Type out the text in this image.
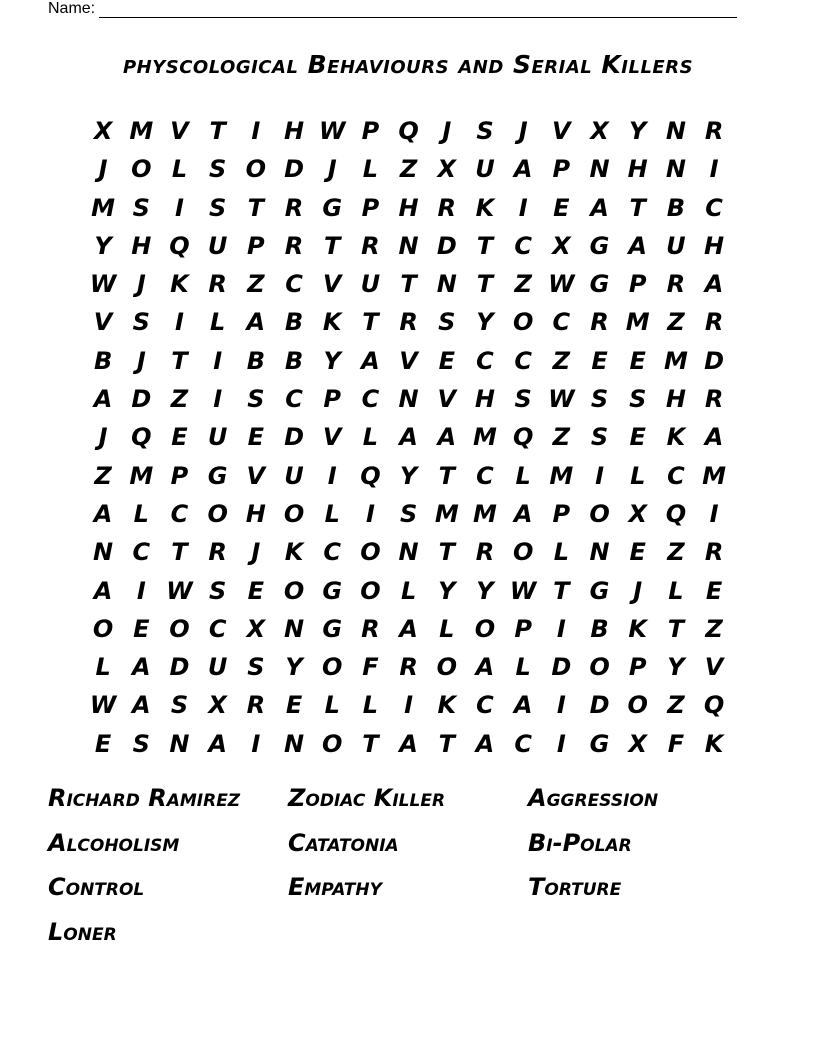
Name:
physcological Behaviours and Serial Killers
X M V T	I H W P Q J	S	J	V X Y N R
J O L S O D J	L Z X U A P N H N I
M S	I	S T R G P H R K	I	E A T B C
Y H Q U P R T R N D T C X G A U H
W J	K R Z C V U T N T Z W G P R A
V S	I	L A B K T R S Y O C R M Z R
B	J	T	I	B B Y A V E C C Z E E M D
A D Z	I	S C P C N V H S W S S H R
J Q E U E D V L A A M Q Z S E K A
Z M P G V U I Q Y T C L M I	L C M
A L C O H O L	I	S M M A P O X Q I
N C T R	J	K C O N T R O L N E Z R
A	I W S E O G O L Y Y W T G J	L E
O E O C X N G R A L O P	I	B K T Z
L A D U S Y O F R O A L D O P Y V
W A S X R E L L	I	K C A	I D O Z Q
E S N A	I N O T A T A C	I G X F K
Richard Ramirez	Zodiac Killer	Aggression
Alcoholism	Catatonia	Bi-Polar
Control	Empathy	Torture
Loner
